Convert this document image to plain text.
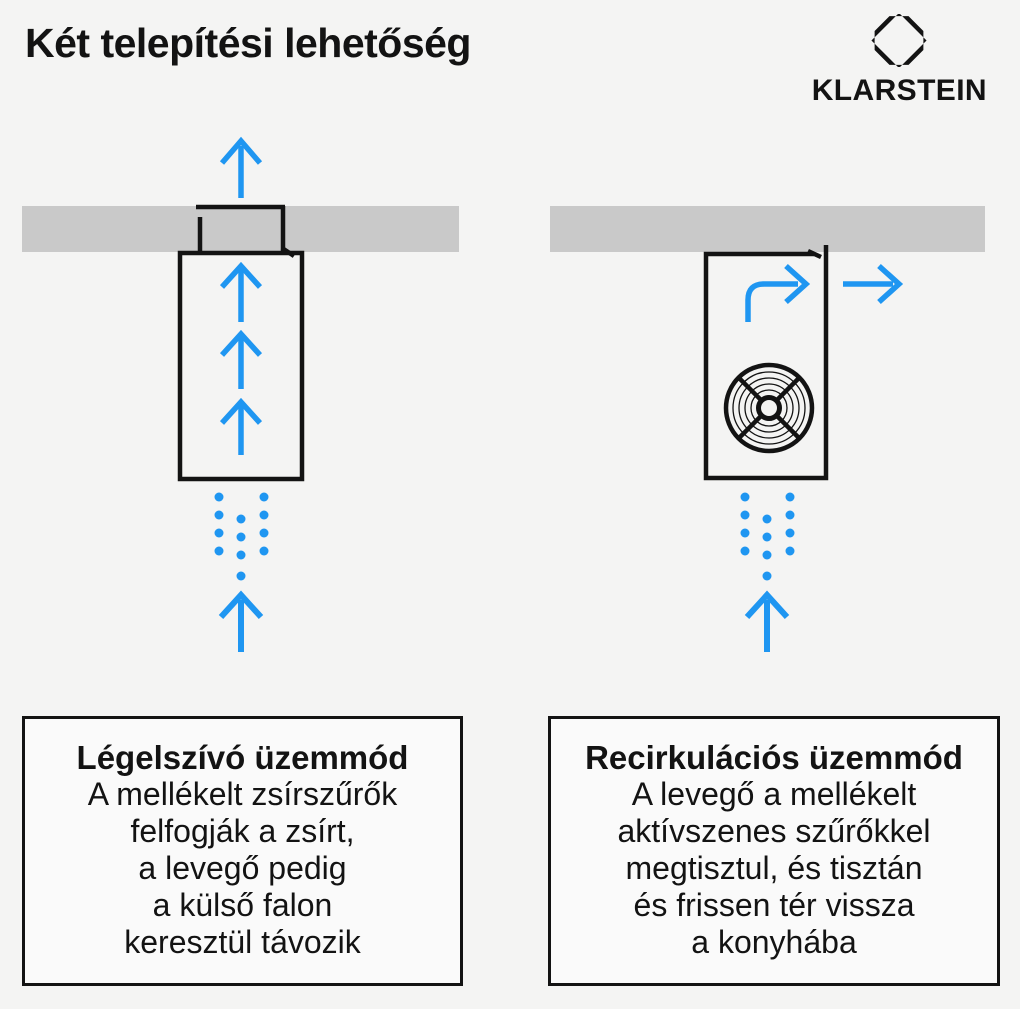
Két telepítési lehetőség
KLARSTEIN
Légelszívó üzemmód
A mellékelt zsírszűrők
felfogják a zsírt,
a levegő pedig
a külső falon
keresztül távozik
Recirkulációs üzemmód
A levegő a mellékelt
aktívszenes szűrőkkel
megtisztul, és tisztán
és frissen tér vissza
a konyhába
